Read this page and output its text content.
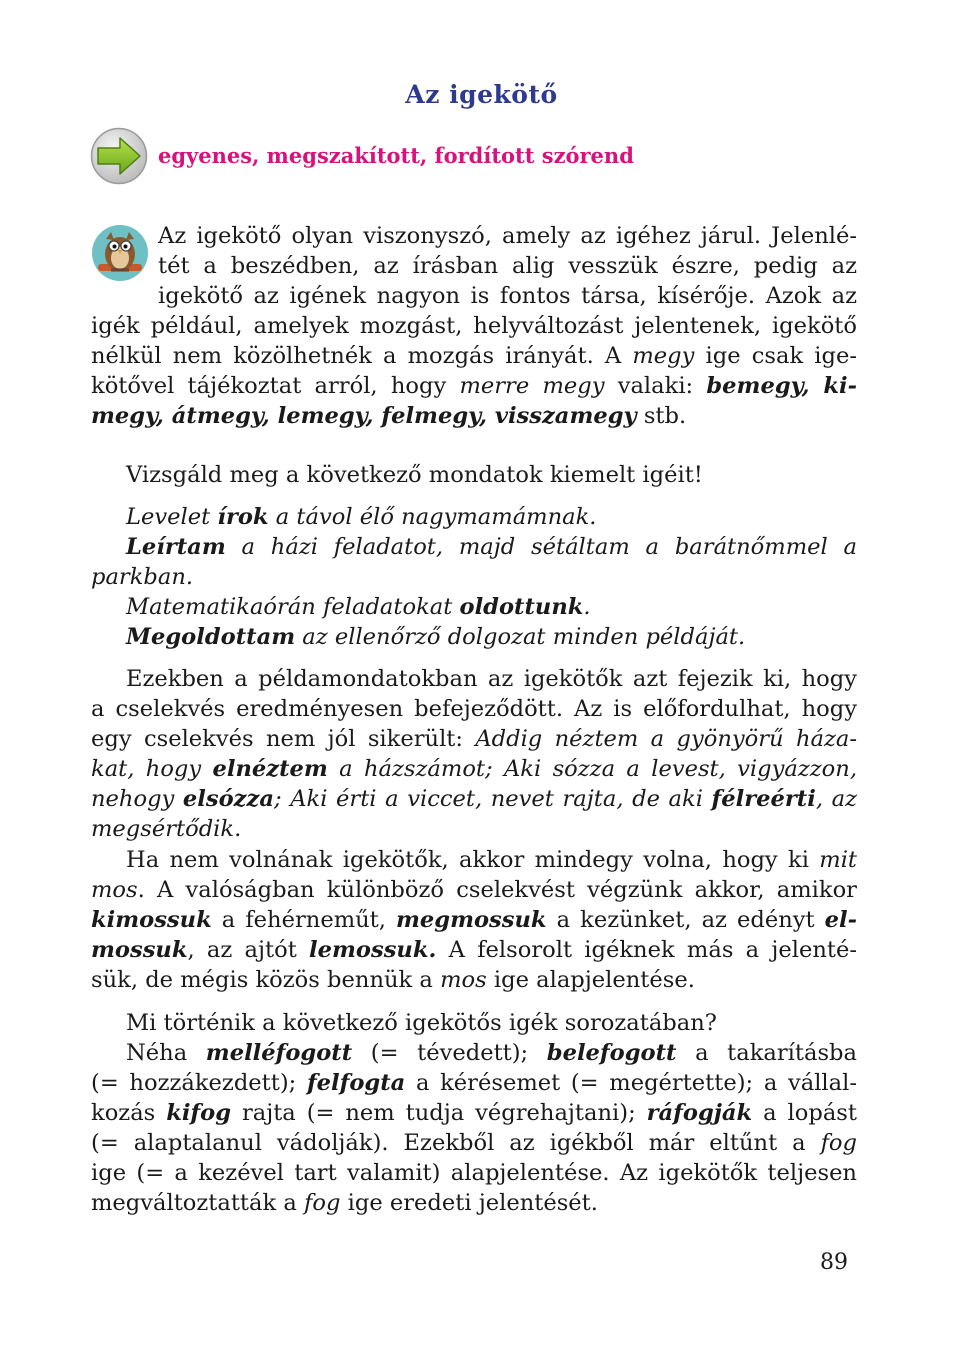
Az igekötő
egyenes, megszakított, fordított szórend
Az igekötő olyan viszonyszó, amely az igéhez járul. Jelenlé-
tét a beszédben, az írásban alig vesszük észre, pedig az
igekötő az igének nagyon is fontos társa, kísérője. Azok az
igék például, amelyek mozgást, helyváltozást jelentenek, igekötő
nélkül nem közölhetnék a mozgás irányát. A megy ige csak ige-
kötővel tájékoztat arról, hogy merre megy valaki: bemegy, ki-
megy, átmegy, lemegy, felmegy, visszamegy stb.
Vizsgáld meg a következő mondatok kiemelt igéit!
Levelet írok a távol élő nagymamámnak.
Leírtam a házi feladatot, majd sétáltam a barátnőmmel a
parkban.
Matematikaórán feladatokat oldottunk.
Megoldottam az ellenőrző dolgozat minden példáját.
Ezekben a példamondatokban az igekötők azt fejezik ki, hogy
a cselekvés eredményesen befejeződött. Az is előfordulhat, hogy
egy cselekvés nem jól sikerült: Addig néztem a gyönyörű háza-
kat, hogy elnéztem a házszámot; Aki sózza a levest, vigyázzon,
nehogy elsózza; Aki érti a viccet, nevet rajta, de aki félreérti, az
megsértődik.
Ha nem volnának igekötők, akkor mindegy volna, hogy ki mit
mos. A valóságban különböző cselekvést végzünk akkor, amikor
kimossuk a fehérneműt, megmossuk a kezünket, az edényt el-
mossuk, az ajtót lemossuk. A felsorolt igéknek más a jelenté-
sük, de mégis közös bennük a mos ige alapjelentése.
Mi történik a következő igekötős igék sorozatában?
Néha melléfogott (= tévedett); belefogott a takarításba
(= hozzákezdett); felfogta a kérésemet (= megértette); a vállal-
kozás kifog rajta (= nem tudja végrehajtani); ráfogják a lopást
(= alaptalanul vádolják). Ezekből az igékből már eltűnt a fog
ige (= a kezével tart valamit) alapjelentése. Az igekötők teljesen
megváltoztatták a fog ige eredeti jelentését.
89
